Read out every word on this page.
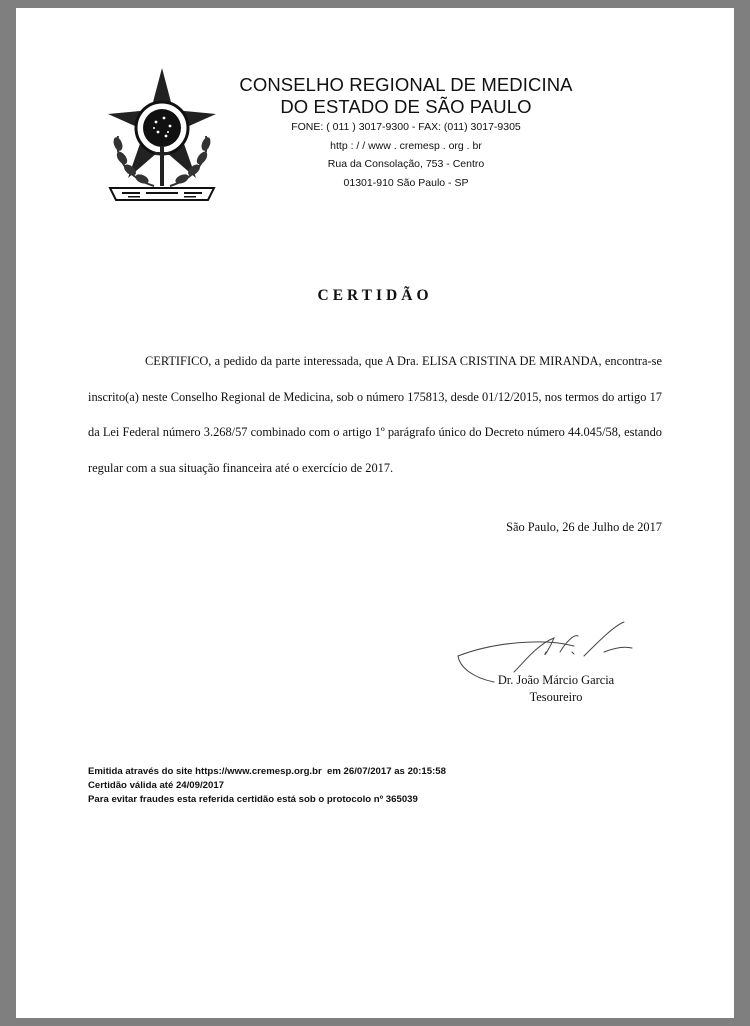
CONSELHO REGIONAL DE MEDICINA
DO ESTADO DE SÃO PAULO
FONE: ( 011 ) 3017-9300 - FAX: (011) 3017-9305
http : / / www . cremesp . org . br
Rua da Consolação, 753 - Centro
01301-910 São Paulo - SP
CERTIDÃO

CERTIFICO, a pedido da parte interessada, que A Dra. ELISA CRISTINA DE MIRANDA, encontra-se inscrito(a) neste Conselho Regional de Medicina, sob o número 175813, desde 01/12/2015, nos termos do artigo 17 da Lei Federal número 3.268/57 combinado com o artigo 1º parágrafo único do Decreto número 44.045/58, estando regular com a sua situação financeira até o exercício de 2017.

São Paulo, 26 de Julho de 2017
Dr. João Márcio Garcia
Tesoureiro
Emitida através do site https://www.cremesp.org.br  em 26/07/2017 as 20:15:58
Certidão válida até 24/09/2017
Para evitar fraudes esta referida certidão está sob o protocolo nº 365039
